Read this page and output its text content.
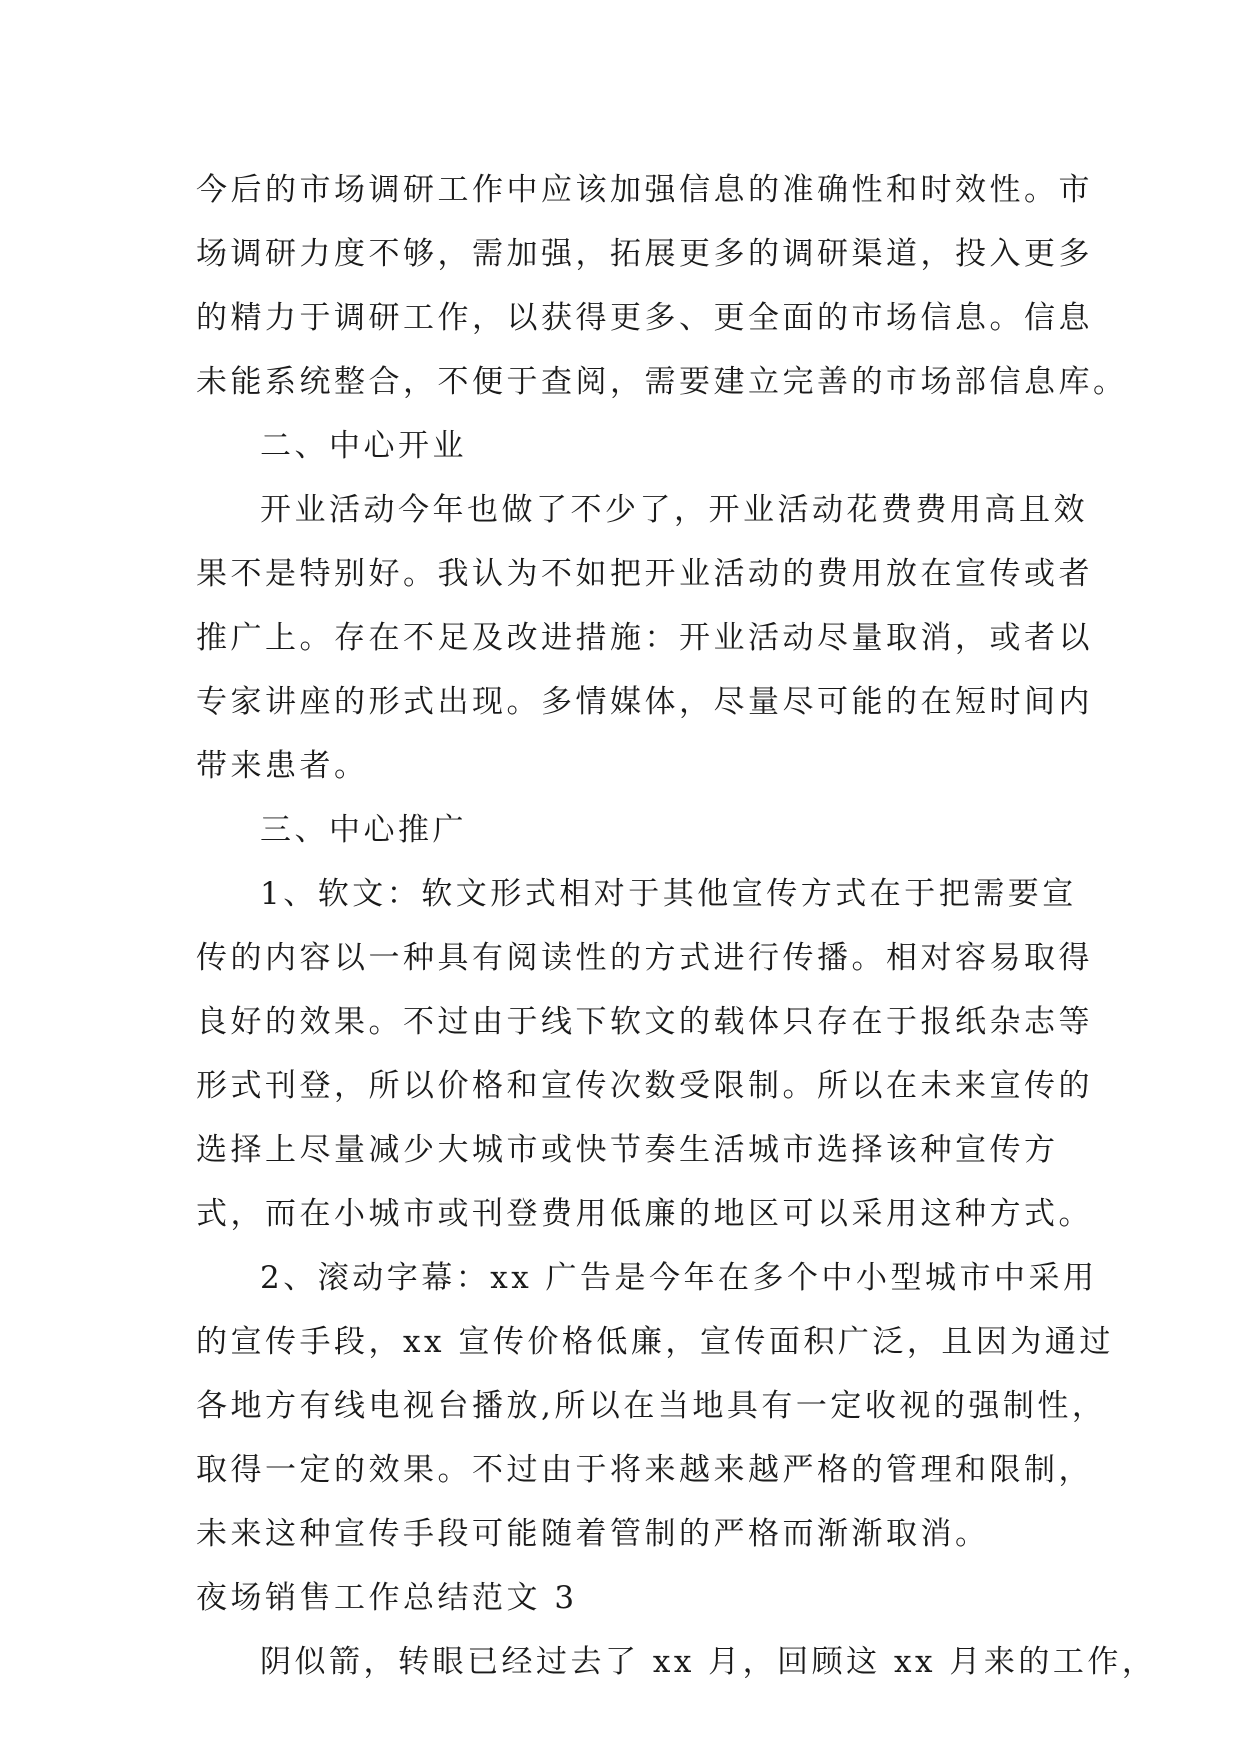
今后的市场调研工作中应该加强信息的准确性和时效性。市
场调研力度不够，需加强，拓展更多的调研渠道，投入更多
的精力于调研工作，以获得更多、更全面的市场信息。信息
未能系统整合，不便于查阅，需要建立完善的市场部信息库。
二、中心开业
开业活动今年也做了不少了，开业活动花费费用高且效
果不是特别好。我认为不如把开业活动的费用放在宣传或者
推广上。存在不足及改进措施：开业活动尽量取消，或者以
专家讲座的形式出现。多情媒体，尽量尽可能的在短时间内
带来患者。
三、中心推广
1、软文：软文形式相对于其他宣传方式在于把需要宣
传的内容以一种具有阅读性的方式进行传播。相对容易取得
良好的效果。不过由于线下软文的载体只存在于报纸杂志等
形式刊登，所以价格和宣传次数受限制。所以在未来宣传的
选择上尽量减少大城市或快节奏生活城市选择该种宣传方
式，而在小城市或刊登费用低廉的地区可以采用这种方式。
2、滚动字幕：xx 广告是今年在多个中小型城市中采用
的宣传手段，xx 宣传价格低廉，宣传面积广泛，且因为通过
各地方有线电视台播放,所以在当地具有一定收视的强制性，
取得一定的效果。不过由于将来越来越严格的管理和限制，
未来这种宣传手段可能随着管制的严格而渐渐取消。
夜场销售工作总结范文 3
阴似箭，转眼已经过去了 xx 月，回顾这 xx 月来的工作，
